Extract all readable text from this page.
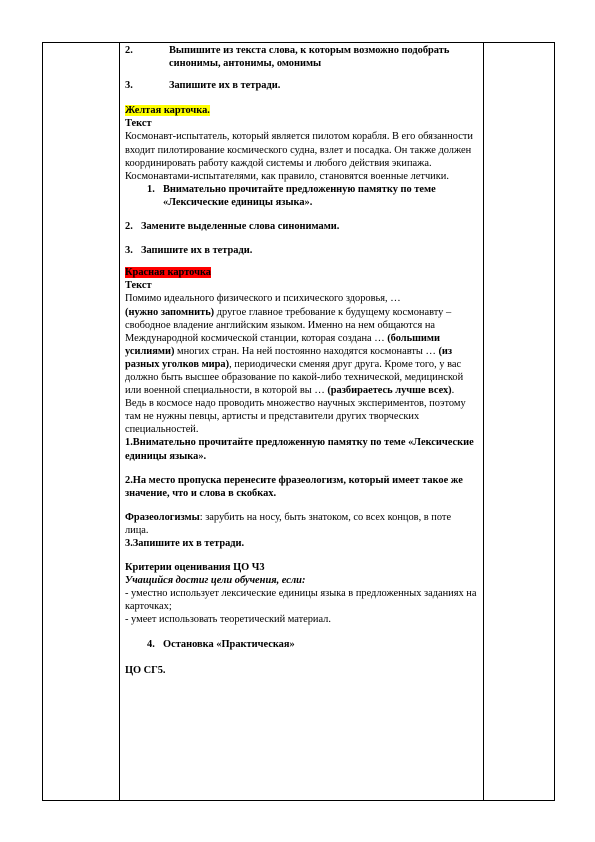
2.	Выпишите из текста слова, к которым возможно подобрать синонимы, антонимы, омонимы
3.	Запишите их в тетради.

Желтая карточка.

Текст

Космонавт-испытатель, который является пилотом корабля. В его обязанности входит пилотирование космического судна, взлет и посадка. Он также должен координировать работу каждой системы и любого действия экипажа. Космонавтами-испытателями, как правило, становятся военные летчики.

1. Внимательно прочитайте предложенную памятку по теме «Лексические единицы языка».
2. Замените выделенные слова синонимами.
3. Запишите их в тетради.

Красная карточка

Текст

Помимо идеального физического и психического здоровья, …
(нужно запомнить) другое главное требование к будущему космонавту – свободное владение английским языком. Именно на нем общаются на Международной космической станции, которая создана … (большими усилиями) многих стран. На ней постоянно находятся космонавты … (из разных уголков мира), периодически сменяя друг друга. Кроме того, у вас должно быть высшее образование по какой-либо технической, медицинской или военной специальности, в которой вы … (разбираетесь лучше всех). Ведь в космосе надо проводить множество научных экспериментов, поэтому там не нужны певцы, артисты и представители других творческих специальностей.

1.Внимательно прочитайте предложенную памятку по теме «Лексические единицы языка».

2.На место пропуска перенесите фразеологизм, который имеет такое же значение, что и слова в скобках.

Фразеологизмы: зарубить на носу, быть знатоком, со всех концов, в поте лица.

3.Запишите их в тетради.

Критерии оценивания ЦО Ч3

Учащийся достиг цели обучения, если:

- уместно использует лексические единицы языка в предложенных заданиях на карточках;

- умеет использовать теоретический материал.

4. Остановка «Практическая»

ЦО СГ5.
